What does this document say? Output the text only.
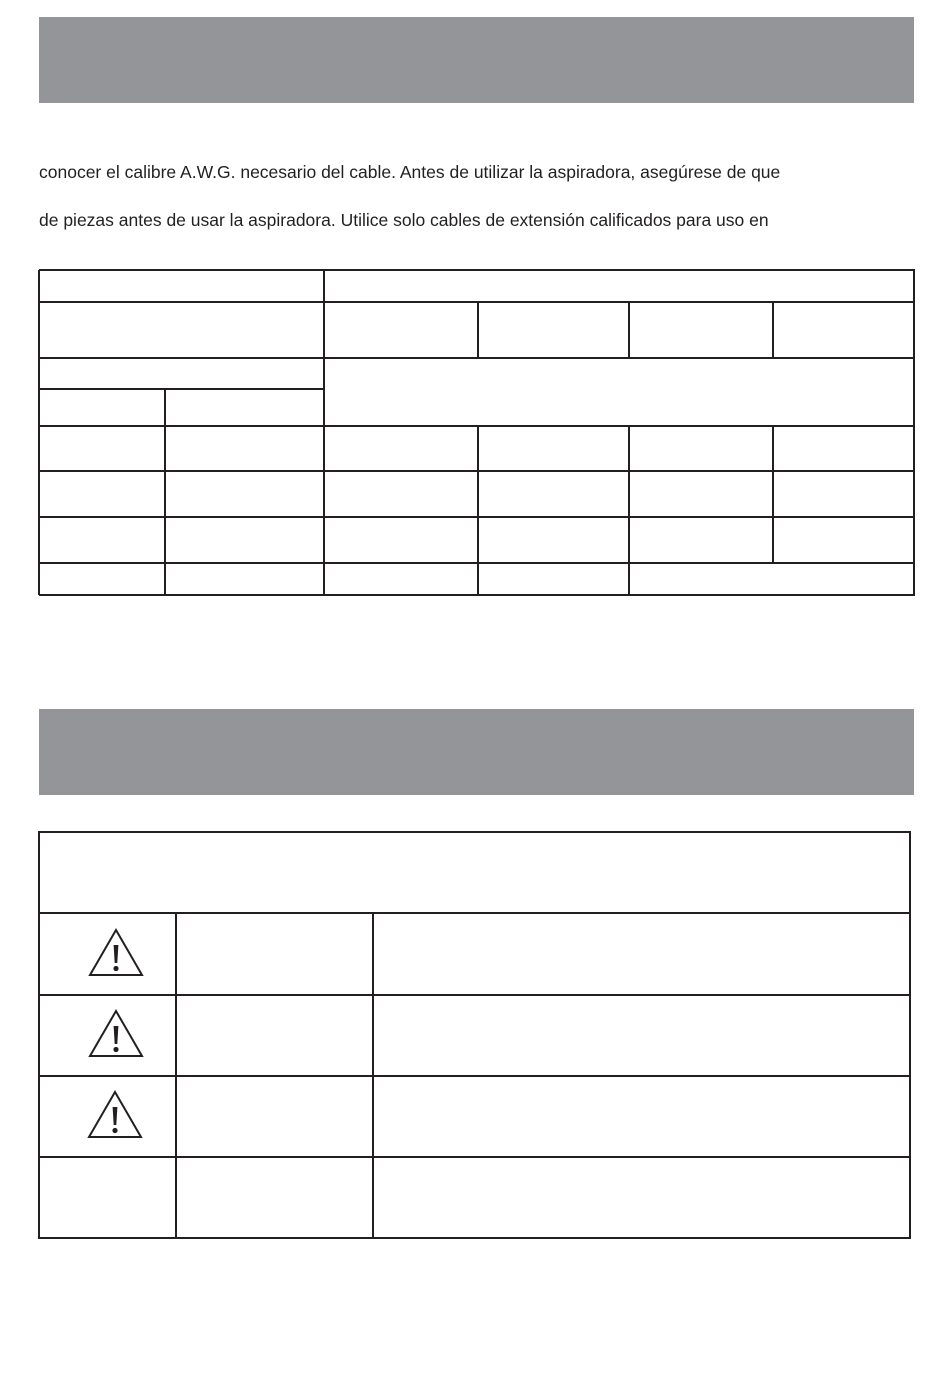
conocer el calibre A.W.G. necesario del cable. Antes de utilizar la aspiradora, asegúrese de que
de piezas antes de usar la aspiradora. Utilice solo cables de extensión calificados para uso en
